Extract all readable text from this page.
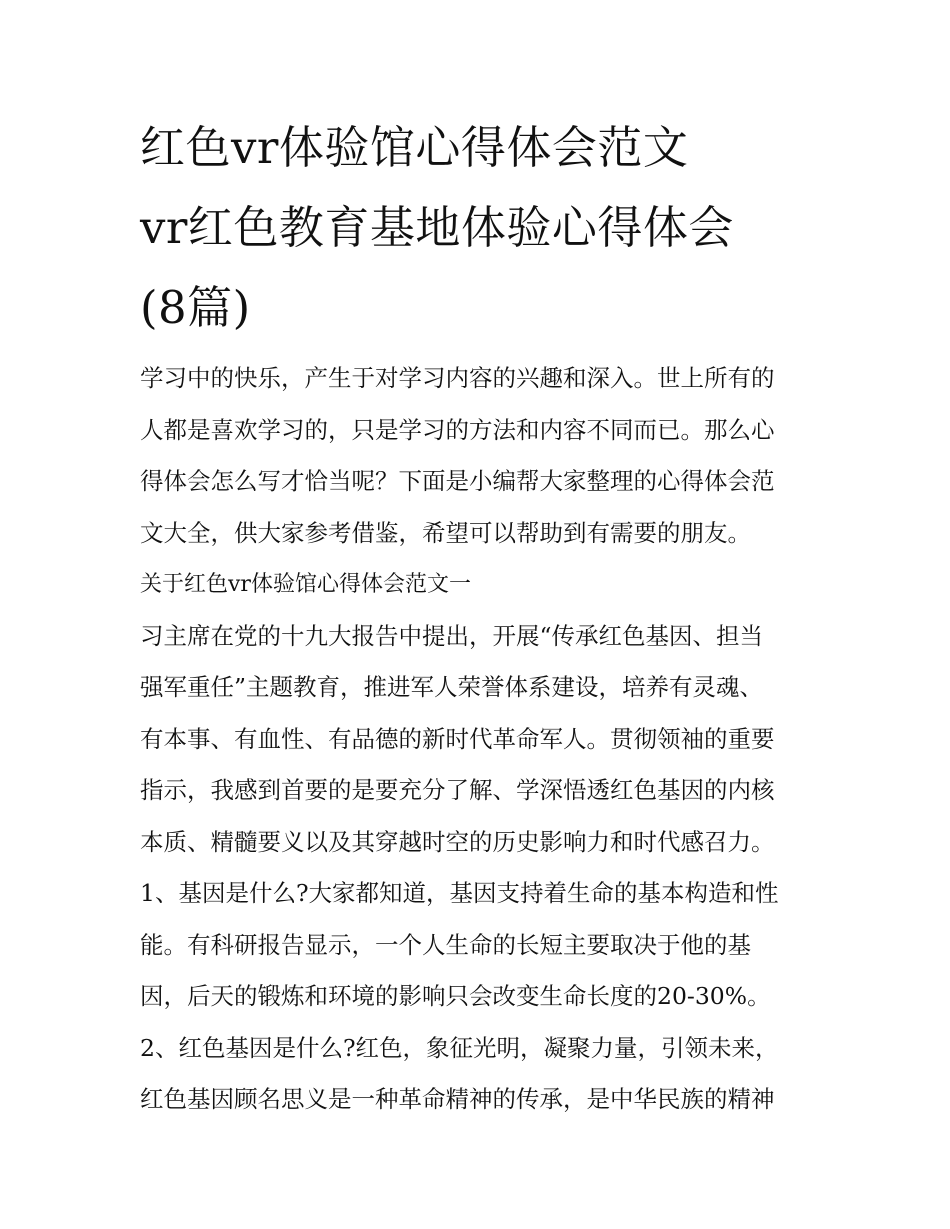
红色vr体验馆心得体会范文
vr红色教育基地体验心得体会
(8篇)
学习中的快乐，产生于对学习内容的兴趣和深入。世上所有的
人都是喜欢学习的，只是学习的方法和内容不同而已。那么心
得体会怎么写才恰当呢？下面是小编帮大家整理的心得体会范
文大全，供大家参考借鉴，希望可以帮助到有需要的朋友。
关于红色vr体验馆心得体会范文一
习主席在党的十九大报告中提出，开展“传承红色基因、担当
强军重任”主题教育，推进军人荣誉体系建设，培养有灵魂、
有本事、有血性、有品德的新时代革命军人。贯彻领袖的重要
指示，我感到首要的是要充分了解、学深悟透红色基因的内核
本质、精髓要义以及其穿越时空的历史影响力和时代感召力。
1、基因是什么?大家都知道，基因支持着生命的基本构造和性
能。有科研报告显示，一个人生命的长短主要取决于他的基
因，后天的锻炼和环境的影响只会改变生命长度的20-30%。
2、红色基因是什么?红色，象征光明，凝聚力量，引领未来，
红色基因顾名思义是一种革命精神的传承，是中华民族的精神
